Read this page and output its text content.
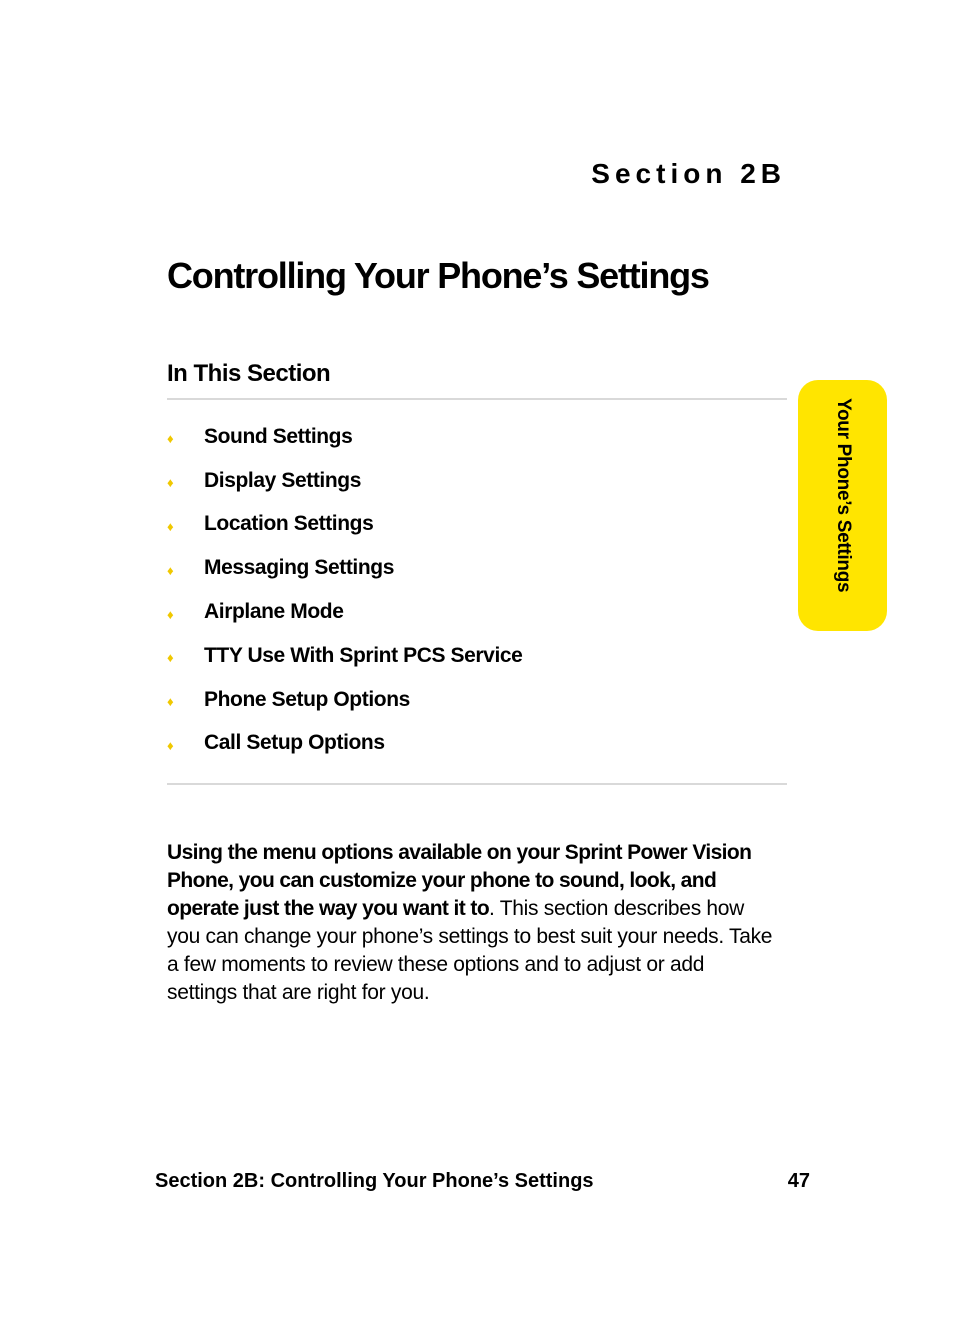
Section 2B
Controlling Your Phone’s Settings
In This Section
♦	Sound Settings
♦	Display Settings
♦	Location Settings
♦	Messaging Settings
♦	Airplane Mode
♦	TTY Use With Sprint PCS Service
♦	Phone Setup Options
♦	Call Setup Options

Using the menu options available on your Sprint Power Vision Phone, you can customize your phone to sound, look, and operate just the way you want it to. This section describes how you can change your phone’s settings to best suit your needs. Take a few moments to review these options and to adjust or add settings that are right for you.

Your Phone’s Settings
Section 2B: Controlling Your Phone’s Settings	47
